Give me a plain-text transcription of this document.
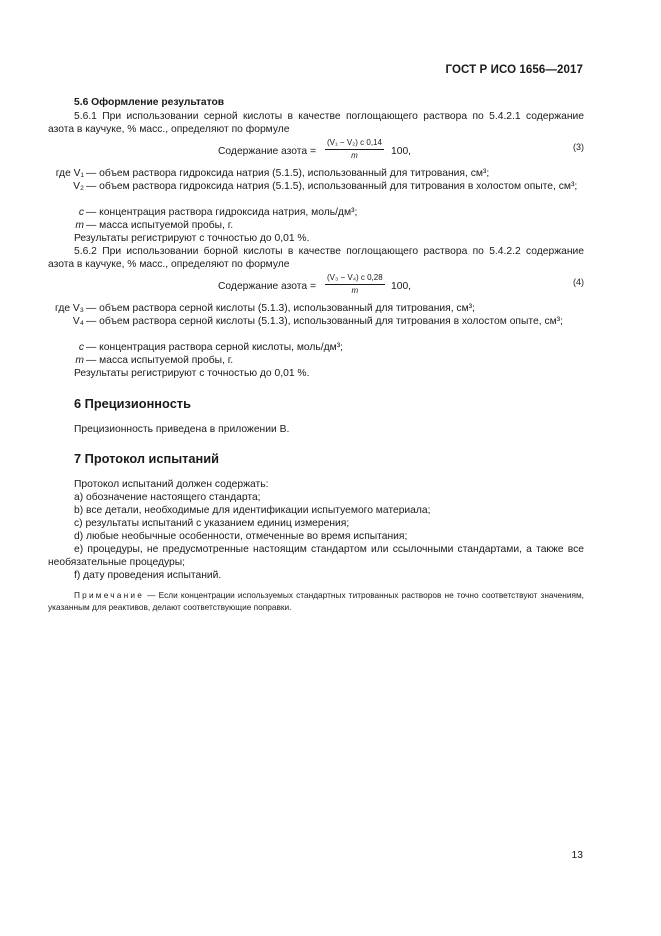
ГОСТ Р ИСО 1656—2017

5.6 Оформление результатов

5.6.1 При использовании серной кислоты в качестве поглощающего раствора по 5.4.2.1 содержание азота в каучуке, % масс., определяют по формуле

Содержание азота = $\frac{\text{(V₁ − V₂) c 0,14}}{m} 100$,	(3)
где V₁ — объем раствора гидроксида натрия (5.1.5), использованный для титрования, см³;
V₂ — объем раствора гидроксида натрия (5.1.5), использованный для титрования в холостом опыте, см³;
c — концентрация раствора гидроксида натрия, моль/дм³;
m — масса испытуемой пробы, г.

Результаты регистрируют с точностью до 0,01 %.

5.6.2 При использовании борной кислоты в качестве поглощающего раствора по 5.4.2.2 содержание азота в каучуке, % масс., определяют по формуле

Содержание азота = $\frac{\text{(V₃ − V₄) c 0,28}}{m} 100$,	(4)
где V₃ — объем раствора серной кислоты (5.1.3), использованный для титрования, см³;
V₄ — объем раствора серной кислоты (5.1.3), использованный для титрования в холостом опыте, см³;
c — концентрация раствора серной кислоты, моль/дм³;
m — масса испытуемой пробы, г.

Результаты регистрируют с точностью до 0,01 %.

6 Прецизионность

Прецизионность приведена в приложении В.

7 Протокол испытаний

Протокол испытаний должен содержать:

a) обозначение настоящего стандарта;

b) все детали, необходимые для идентификации испытуемого материала;

c) результаты испытаний с указанием единиц измерения;

d) любые необычные особенности, отмеченные во время испытания;

e) процедуры, не предусмотренные настоящим стандартом или ссылочными стандартами, а также все необязательные процедуры;

f) дату проведения испытаний.

Примечание — Если концентрации используемых стандартных титрованных растворов не точно соответствуют значениям, указанным для реактивов, делают соответствующие поправки.

13
